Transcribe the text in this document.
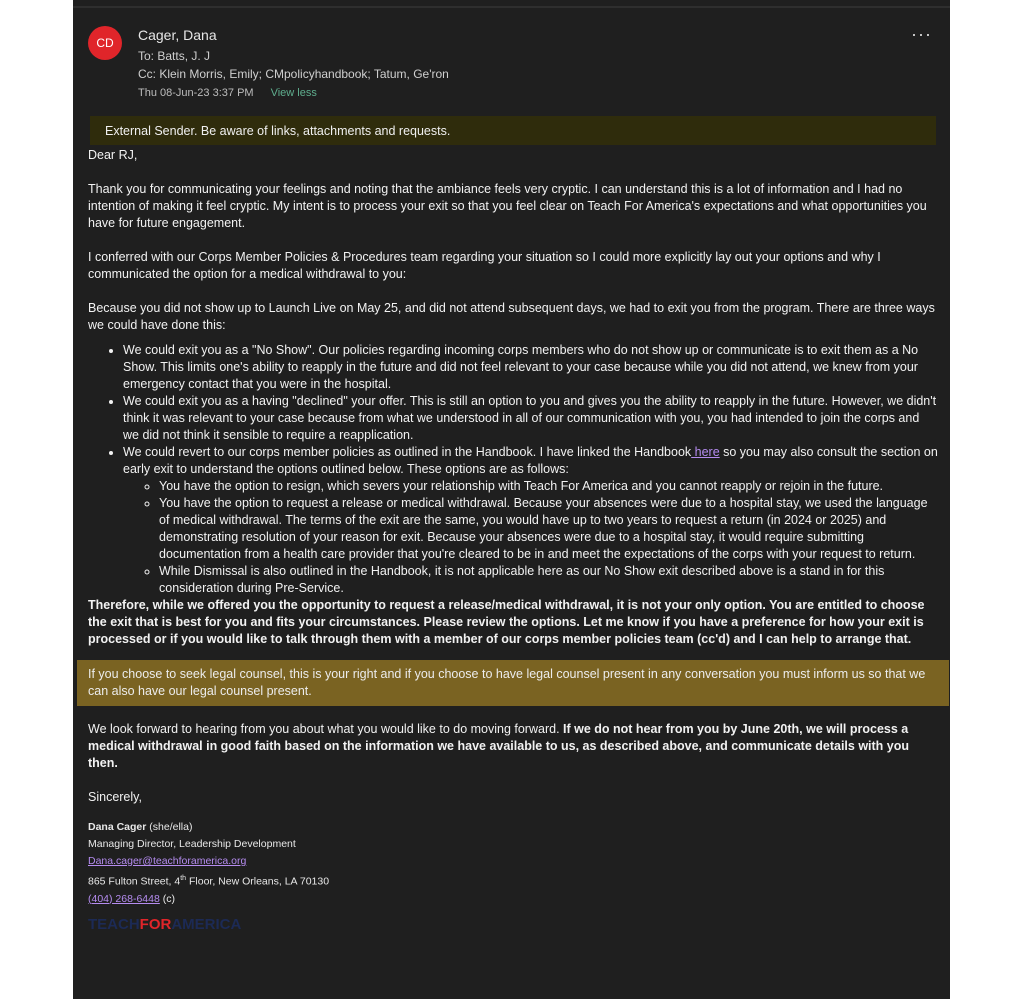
CD	Cager, Dana
To: Batts, J. J
Cc: Klein Morris, Emily; CMpolicyhandbook; Tatum, Ge'ron
Thu 08-Jun-23 3:37 PM View less
···
External Sender. Be aware of links, attachments and requests.

Dear RJ,

Thank you for communicating your feelings and noting that the ambiance feels very cryptic. I can understand this is a lot of information and I had no intention of making it feel cryptic. My intent is to process your exit so that you feel clear on Teach For America's expectations and what opportunities you have for future engagement.

I conferred with our Corps Member Policies & Procedures team regarding your situation so I could more explicitly lay out your options and why I communicated the option for a medical withdrawal to you:

Because you did not show up to Launch Live on May 25, and did not attend subsequent days, we had to exit you from the program. There are three ways we could have done this:

• We could exit you as a "No Show". Our policies regarding incoming corps members who do not show up or communicate is to exit them as a No Show. This limits one's ability to reapply in the future and did not feel relevant to your case because while you did not attend, we knew from your emergency contact that you were in the hospital.
• We could exit you as a having "declined" your offer. This is still an option to you and gives you the ability to reapply in the future. However, we didn't think it was relevant to your case because from what we understood in all of our communication with you, you had intended to join the corps and we did not think it sensible to require a reapplication.
• We could revert to our corps member policies as outlined in the Handbook. I have linked the Handbook here so you may also consult the section on early exit to understand the options outlined below. These options are as follows:
◦ You have the option to resign, which severs your relationship with Teach For America and you cannot reapply or rejoin in the future.
◦ You have the option to request a release or medical withdrawal. Because your absences were due to a hospital stay, we used the language of medical withdrawal. The terms of the exit are the same, you would have up to two years to request a return (in 2024 or 2025) and demonstrating resolution of your reason for exit. Because your absences were due to a hospital stay, it would require submitting documentation from a health care provider that you're cleared to be in and meet the expectations of the corps with your request to return.
◦ While Dismissal is also outlined in the Handbook, it is not applicable here as our No Show exit described above is a stand in for this consideration during Pre-Service.

Therefore, while we offered you the opportunity to request a release/medical withdrawal, it is not your only option. You are entitled to choose the exit that is best for you and fits your circumstances. Please review the options. Let me know if you have a preference for how your exit is processed or if you would like to talk through them with a member of our corps member policies team (cc'd) and I can help to arrange that.

If you choose to seek legal counsel, this is your right and if you choose to have legal counsel present in any conversation you must inform us so that we can also have our legal counsel present.

We look forward to hearing from you about what you would like to do moving forward. If we do not hear from you by June 20th, we will process a medical withdrawal in good faith based on the information we have available to us, as described above, and communicate details with you then.

Sincerely,

Dana Cager (she/ella)
Managing Director, Leadership Development
Dana.cager@teachforamerica.org
865 Fulton Street, 4th Floor, New Orleans, LA 70130
(404) 268-6448 (c)
TEACHFORAMERICA
